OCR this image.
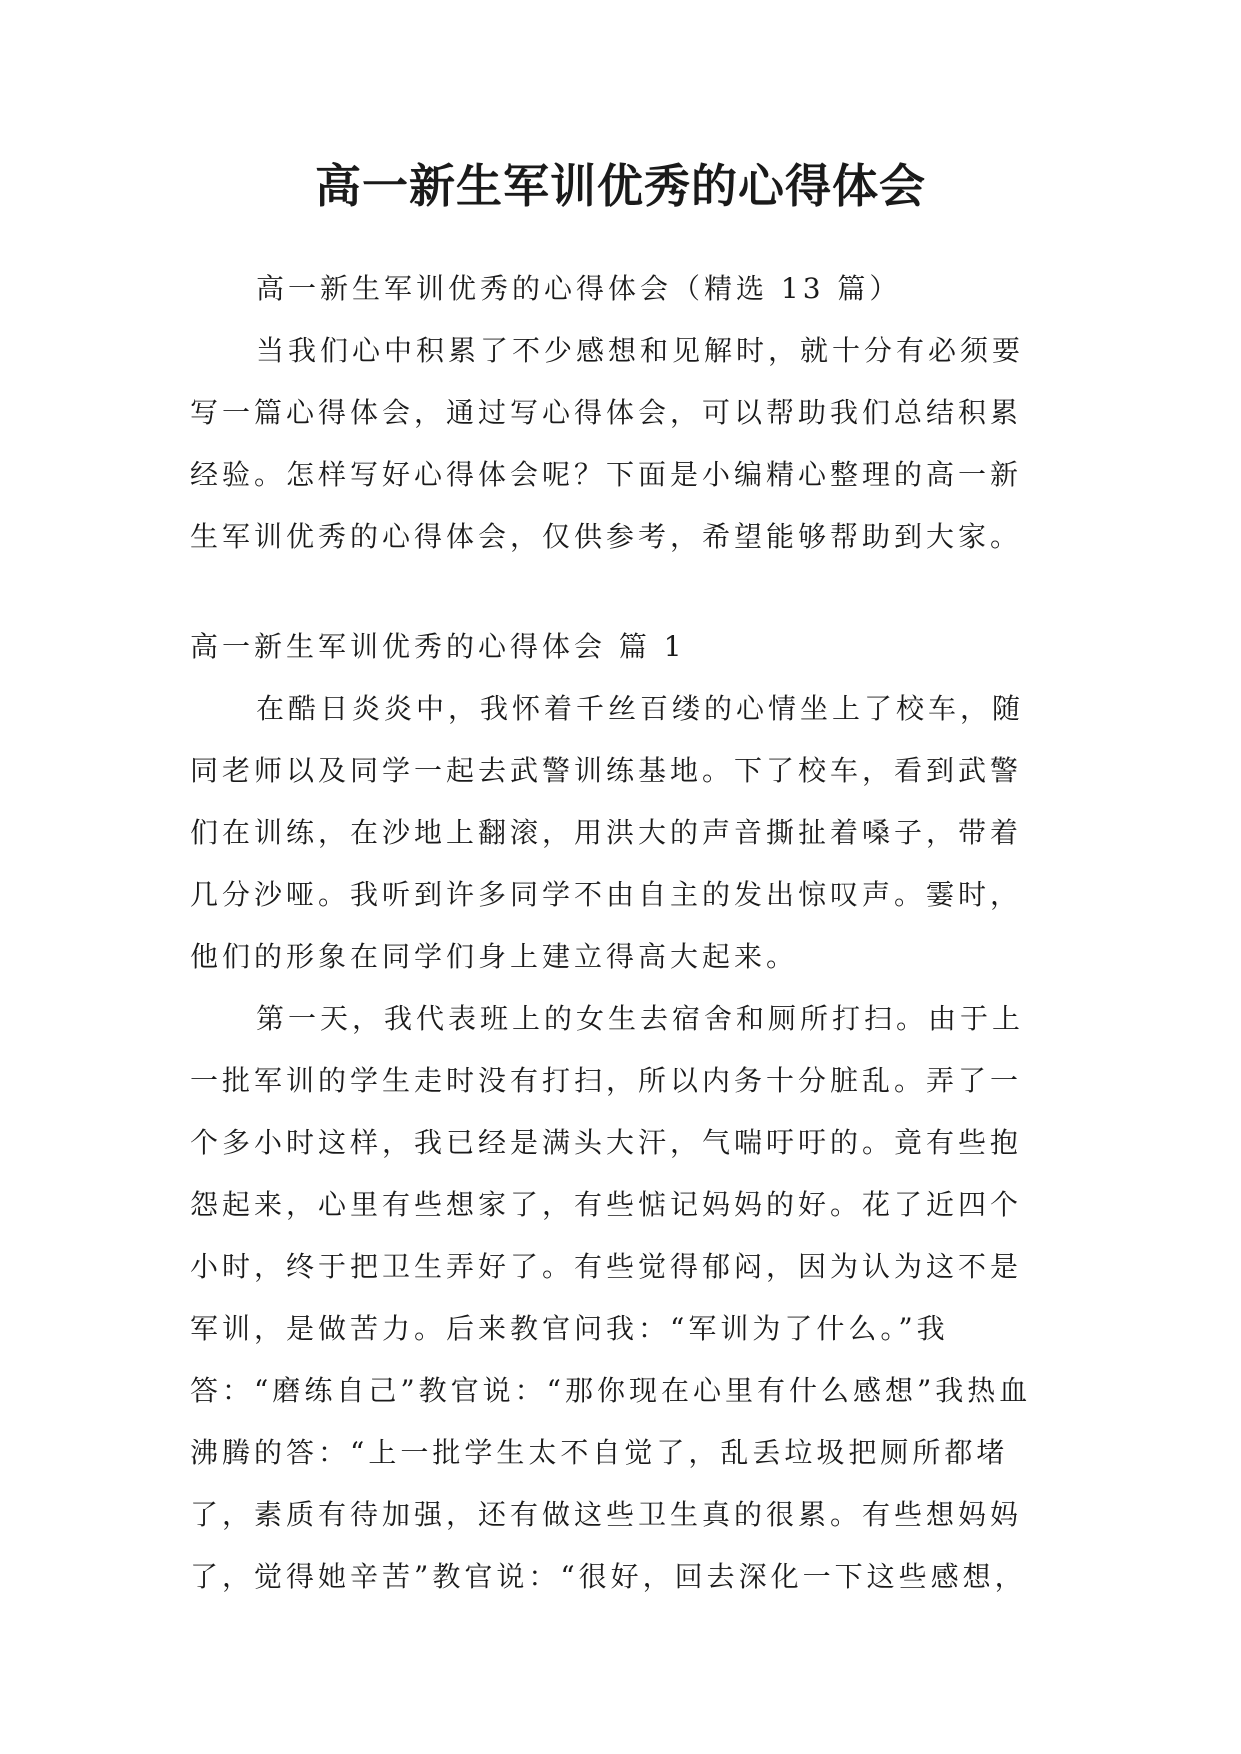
高一新生军训优秀的心得体会

高一新生军训优秀的心得体会（精选 13 篇）

当我们心中积累了不少感想和见解时，就十分有必须要写一篇心得体会，通过写心得体会，可以帮助我们总结积累经验。怎样写好心得体会呢？下面是小编精心整理的高一新生军训优秀的心得体会，仅供参考，希望能够帮助到大家。

高一新生军训优秀的心得体会 篇 1

在酷日炎炎中，我怀着千丝百缕的心情坐上了校车，随同老师以及同学一起去武警训练基地。下了校车，看到武警们在训练，在沙地上翻滚，用洪大的声音撕扯着嗓子，带着几分沙哑。我听到许多同学不由自主的发出惊叹声。霎时，他们的形象在同学们身上建立得高大起来。

第一天，我代表班上的女生去宿舍和厕所打扫。由于上一批军训的学生走时没有打扫，所以内务十分脏乱。弄了一个多小时这样，我已经是满头大汗，气喘吁吁的。竟有些抱怨起来，心里有些想家了，有些惦记妈妈的好。花了近四个小时，终于把卫生弄好了。有些觉得郁闷，因为认为这不是军训，是做苦力。后来教官问我：“军训为了什么。”我答：“磨练自己”教官说：“那你现在心里有什么感想”我热血沸腾的答：“上一批学生太不自觉了，乱丢垃圾把厕所都堵了，素质有待加强，还有做这些卫生真的很累。有些想妈妈了，觉得她辛苦”教官说：“很好，回去深化一下这些感想，
